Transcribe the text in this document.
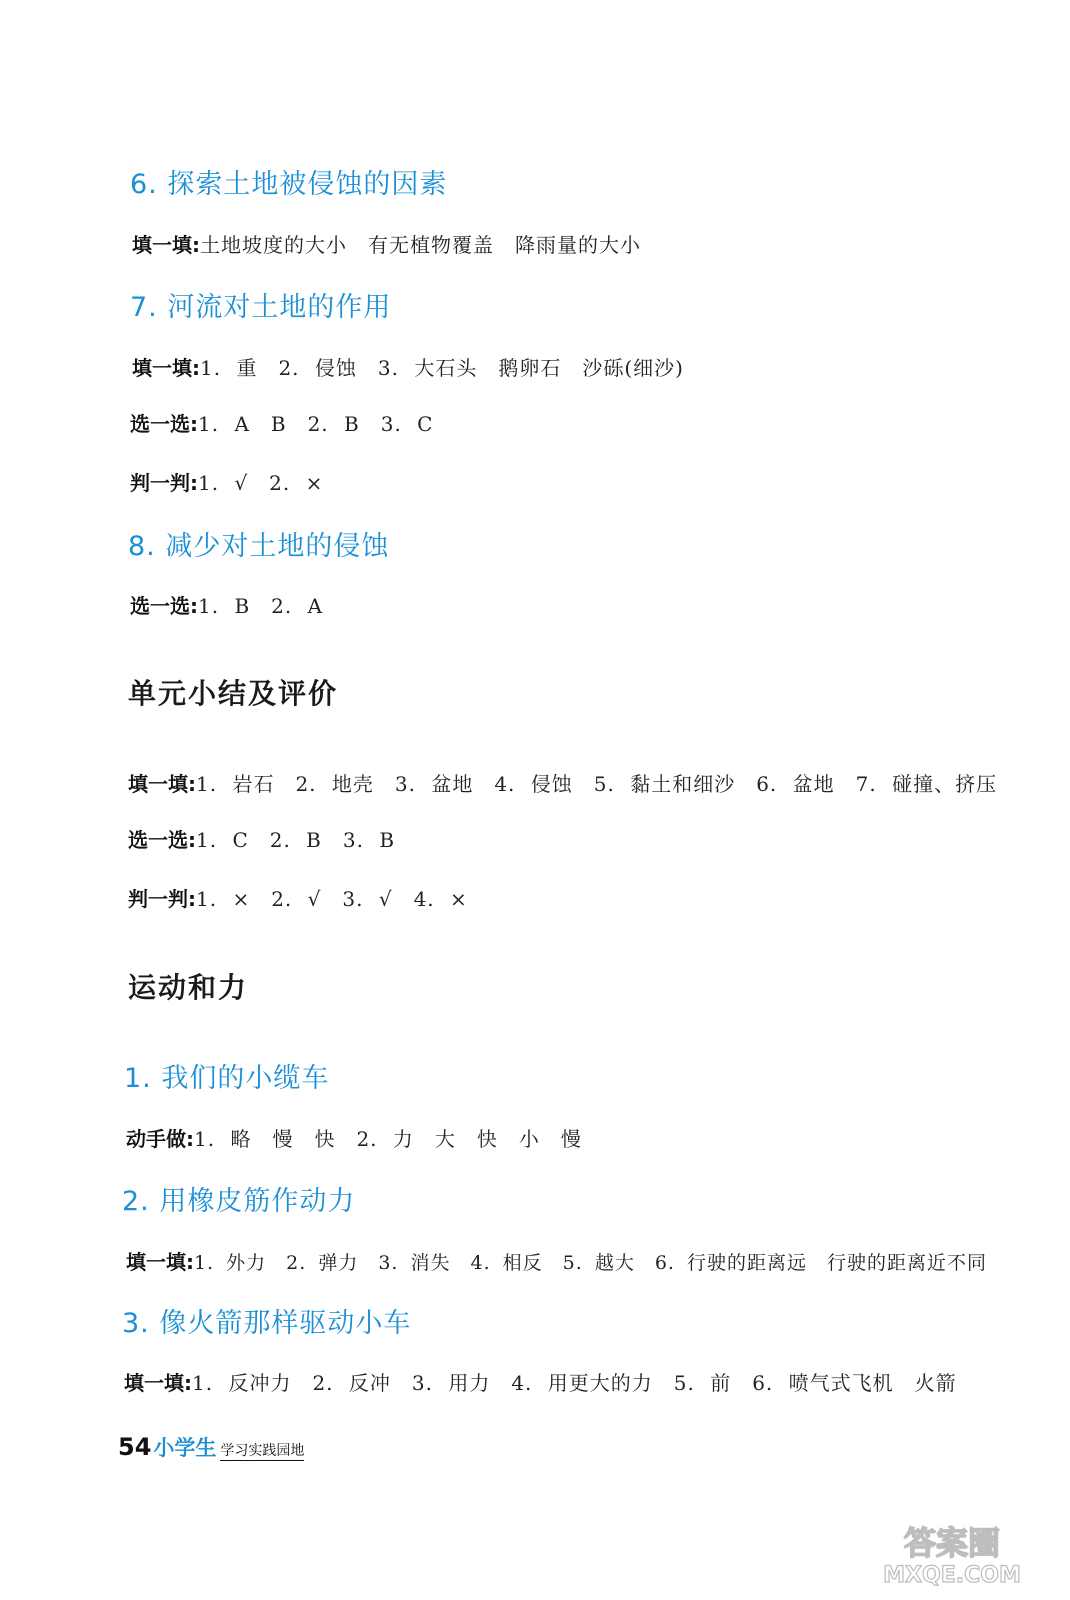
6. 探索土地被侵蚀的因素
填一填:土地坡度的大小　有无植物覆盖　降雨量的大小
7. 河流对土地的作用
填一填:1. 重　2. 侵蚀　3. 大石头　鹅卵石　沙砾(细沙)
选一选:1. A　B　2. B　3. C
判一判:1. √　2. ×
8. 减少对土地的侵蚀
选一选:1. B　2. A
单元小结及评价
填一填:1. 岩石　2. 地壳　3. 盆地　4. 侵蚀　5. 黏土和细沙　6. 盆地　7. 碰撞、挤压
选一选:1. C　2. B　3. B
判一判:1. ×　2. √　3. √　4. ×
运动和力
1. 我们的小缆车
动手做:1. 略　慢　快　2. 力　大　快　小　慢
2. 用橡皮筋作动力
填一填:1. 外力　2. 弹力　3. 消失　4. 相反　5. 越大　6. 行驶的距离远　行驶的距离近不同
3. 像火箭那样驱动小车
填一填:1. 反冲力　2. 反冲　3. 用力　4. 用更大的力　5. 前　6. 喷气式飞机　火箭
54小学生 学习实践园地
答案圈
MXQE.COM
